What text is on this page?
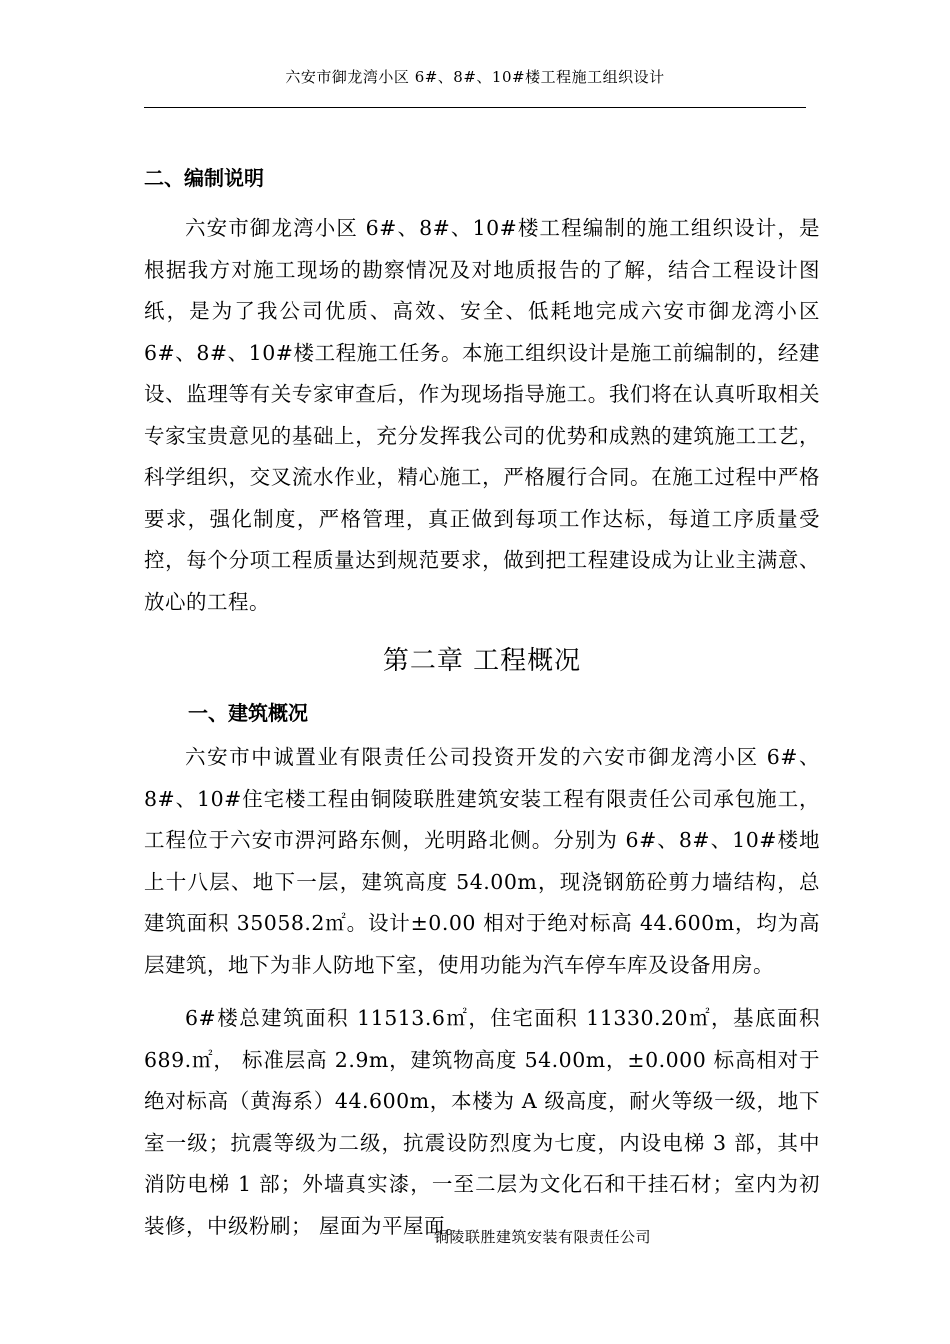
六安市御龙湾小区 6#、8#、10#楼工程施工组织设计
二、编制说明

六安市御龙湾小区 6#、8#、10#楼工程编制的施工组织设计，是根据我方对施工现场的勘察情况及对地质报告的了解，结合工程设计图纸，是为了我公司优质、高效、安全、低耗地完成六安市御龙湾小区 6#、8#、10#楼工程施工任务。本施工组织设计是施工前编制的，经建设、监理等有关专家审查后，作为现场指导施工。我们将在认真听取相关专家宝贵意见的基础上，充分发挥我公司的优势和成熟的建筑施工工艺，科学组织，交叉流水作业，精心施工，严格履行合同。在施工过程中严格要求，强化制度，严格管理，真正做到每项工作达标，每道工序质量受控，每个分项工程质量达到规范要求，做到把工程建设成为让业主满意、放心的工程。

第二章 工程概况
一、建筑概况

六安市中诚置业有限责任公司投资开发的六安市御龙湾小区 6#、8#、10#住宅楼工程由铜陵联胜建筑安装工程有限责任公司承包施工，工程位于六安市淠河路东侧，光明路北侧。分别为 6#、8#、10#楼地上十八层、地下一层，建筑高度 54.00m，现浇钢筋砼剪力墙结构，总建筑面积 35058.2㎡。设计±0.00 相对于绝对标高 44.600m，均为高层建筑，地下为非人防地下室，使用功能为汽车停车库及设备用房。

6#楼总建筑面积 11513.6㎡，住宅面积 11330.20㎡，基底面积 689.㎡， 标准层高 2.9m，建筑物高度 54.00m，±0.000 标高相对于绝对标高（黄海系）44.600m，本楼为 A 级高度，耐火等级一级，地下室一级；抗震等级为二级，抗震设防烈度为七度，内设电梯 3 部，其中消防电梯 1 部；外墙真实漆，一至二层为文化石和干挂石材；室内为初装修，中级粉刷； 屋面为平屋面。

铜陵联胜建筑安装有限责任公司
